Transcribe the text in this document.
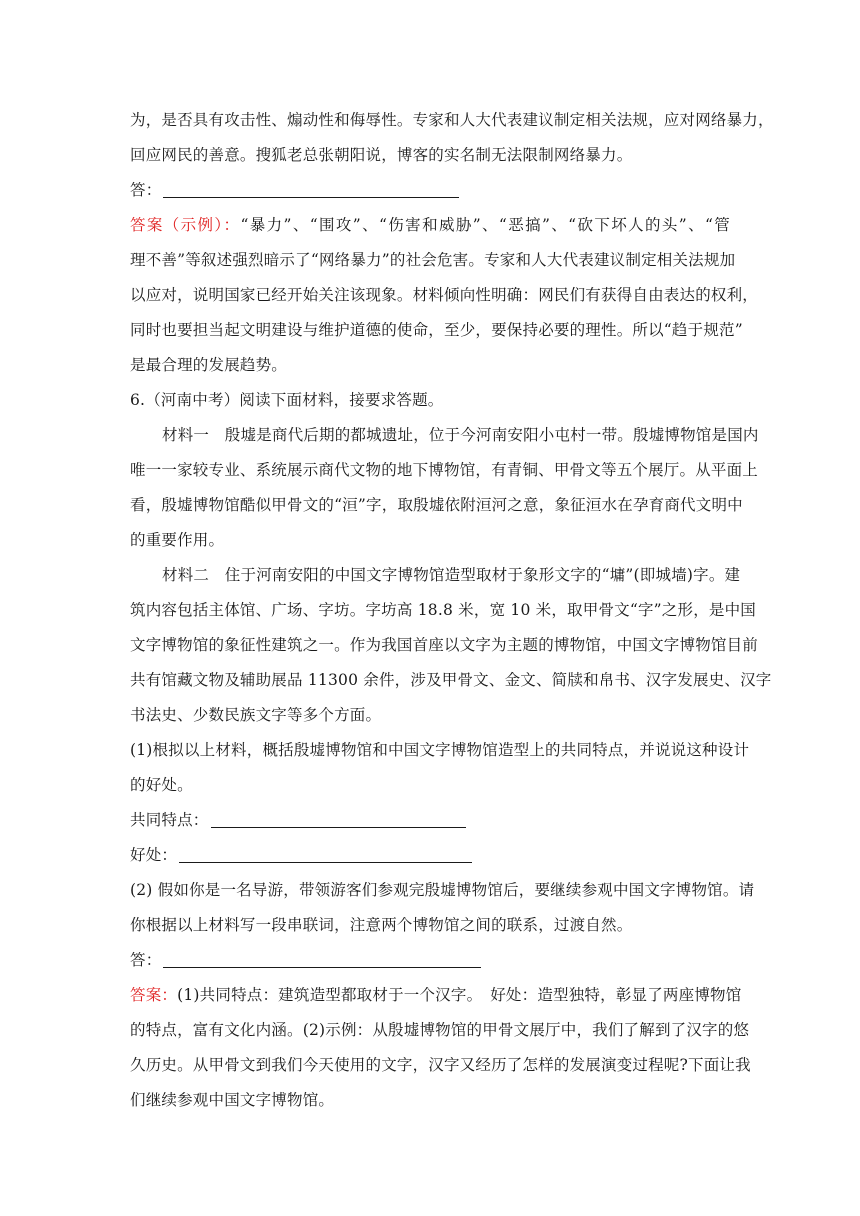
为，是否具有攻击性、煽动性和侮辱性。专家和人大代表建议制定相关法规，应对网络暴力，
回应网民的善意。搜狐老总张朝阳说，博客的实名制无法限制网络暴力。
答：
答案（示例）：“暴力”、“围攻”、“伤害和威胁”、“恶搞”、“砍下坏人的头”、“管
理不善”等叙述强烈暗示了“网络暴力”的社会危害。专家和人大代表建议制定相关法规加
以应对，说明国家已经开始关注该现象。材料倾向性明确：网民们有获得自由表达的权利，
同时也要担当起文明建设与维护道德的使命，至少，要保持必要的理性。所以“趋于规范”
是最合理的发展趋势。
6.（河南中考）阅读下面材料，接要求答题。
材料一　殷墟是商代后期的都城遗址，位于今河南安阳小屯村一带。殷墟博物馆是国内
唯一一家较专业、系统展示商代文物的地下博物馆，有青铜、甲骨文等五个展厅。从平面上
看，殷墟博物馆酷似甲骨文的“洹”字，取殷墟依附洹河之意，象征洹水在孕育商代文明中
的重要作用。
材料二　住于河南安阳的中国文字博物馆造型取材于象形文字的“墉”(即城墙)字。建
筑内容包括主体馆、广场、字坊。字坊高 18.8 米，宽 10 米，取甲骨文“字”之形，是中国
文字博物馆的象征性建筑之一。作为我国首座以文字为主题的博物馆，中国文字博物馆目前
共有馆藏文物及辅助展品 11300 余件，涉及甲骨文、金文、简牍和帛书、汉字发展史、汉字
书法史、少数民族文字等多个方面。
(1)根拟以上材料，概括殷墟博物馆和中国文字博物馆造型上的共同特点，并说说这种设计
的好处。
共同特点：
好处：
(2) 假如你是一名导游，带领游客们参观完殷墟博物馆后，要继续参观中国文字博物馆。请
你根据以上材料写一段串联词，注意两个博物馆之间的联系，过渡自然。
答：
答案：(1)共同特点：建筑造型都取材于一个汉字。　好处：造型独特，彰显了两座博物馆
的特点，富有文化内涵。(2)示例：从殷墟博物馆的甲骨文展厅中，我们了解到了汉字的悠
久历史。从甲骨文到我们今天使用的文字，汉字又经历了怎样的发展演变过程呢?下面让我
们继续参观中国文字博物馆。
